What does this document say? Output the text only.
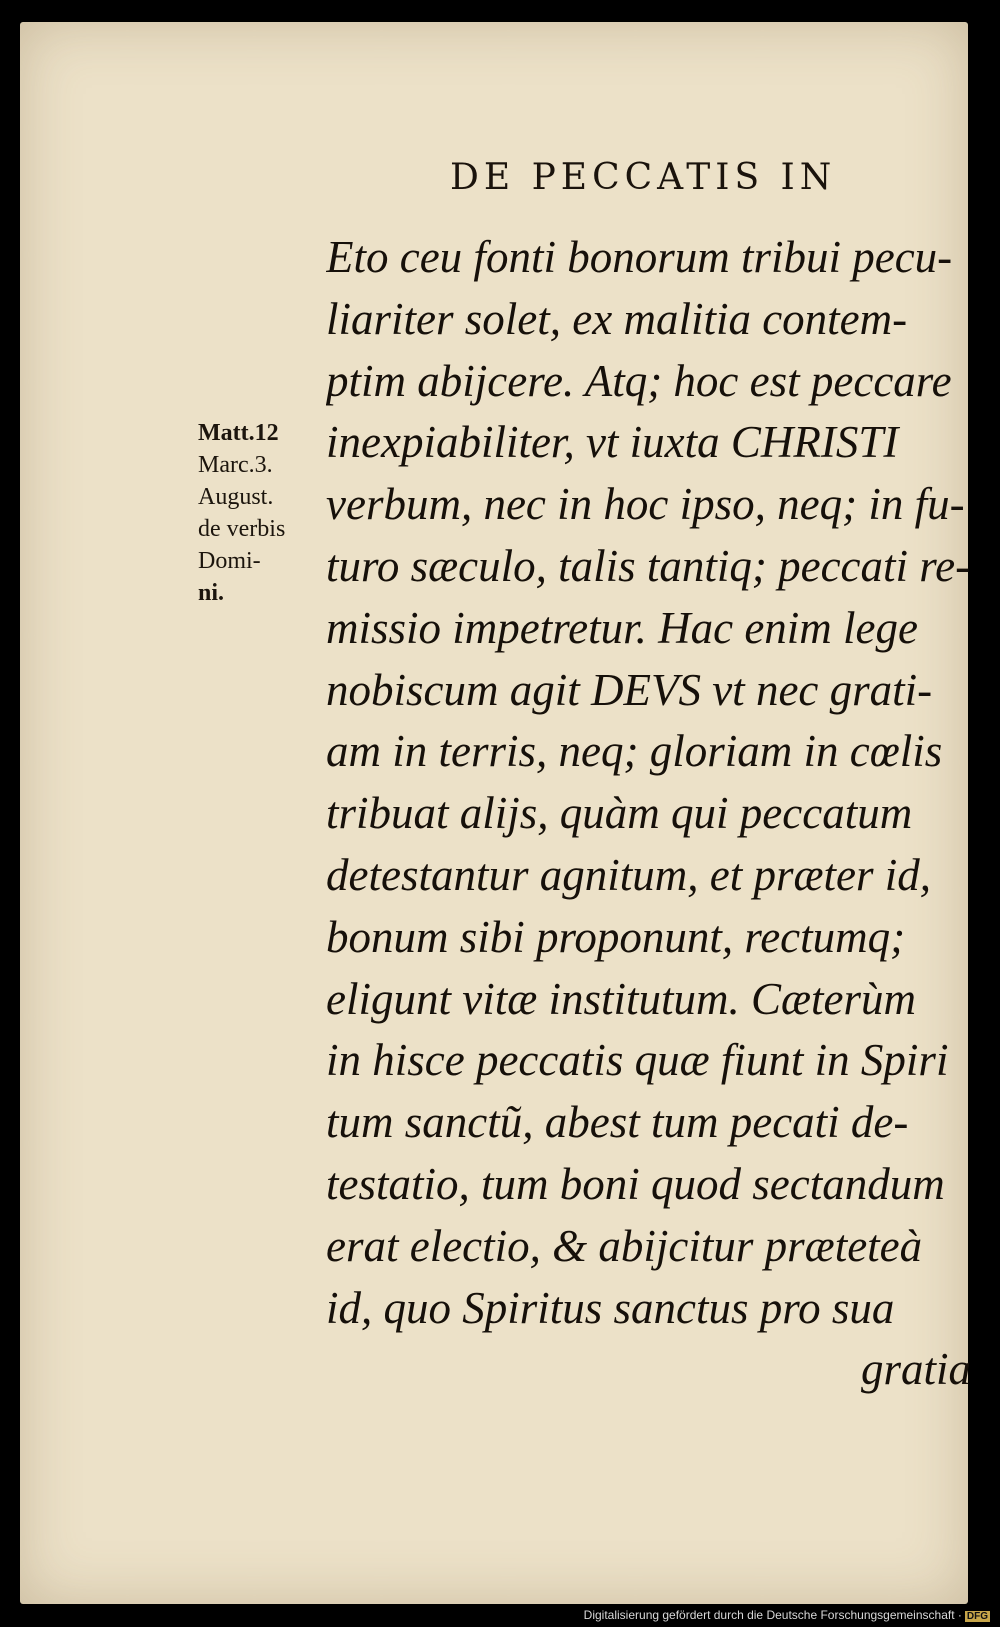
DE PECCATIS IN
Matt.12
Marc.3.
August.
de verbis
Domi-
ni.
Eto ceu fonti bonorum tribui pecu-
liariter solet, ex malitia contem-
ptim abijcere. Atq; hoc est peccare
inexpiabiliter, vt iuxta CHRISTI
verbum, nec in hoc ipso, neq; in fu-
turo sæculo, talis tantiq; peccati re-
missio impetretur. Hac enim lege
nobiscum agit DEVS vt nec grati-
am in terris, neq; gloriam in cœlis
tribuat alijs, quàm qui peccatum
detestantur agnitum, et præter id,
bonum sibi proponunt, rectumq;
eligunt vitæ institutum. Cæterùm
in hisce peccatis quæ fiunt in Spiri
tum sanctũ, abest tum pecati de-
testatio, tum boni quod sectandum
erat electio, & abijcitur præteteà
id, quo Spiritus sanctus pro sua
gratia
Digitalisierung gefördert durch die Deutsche Forschungsgemeinschaft · DFG
